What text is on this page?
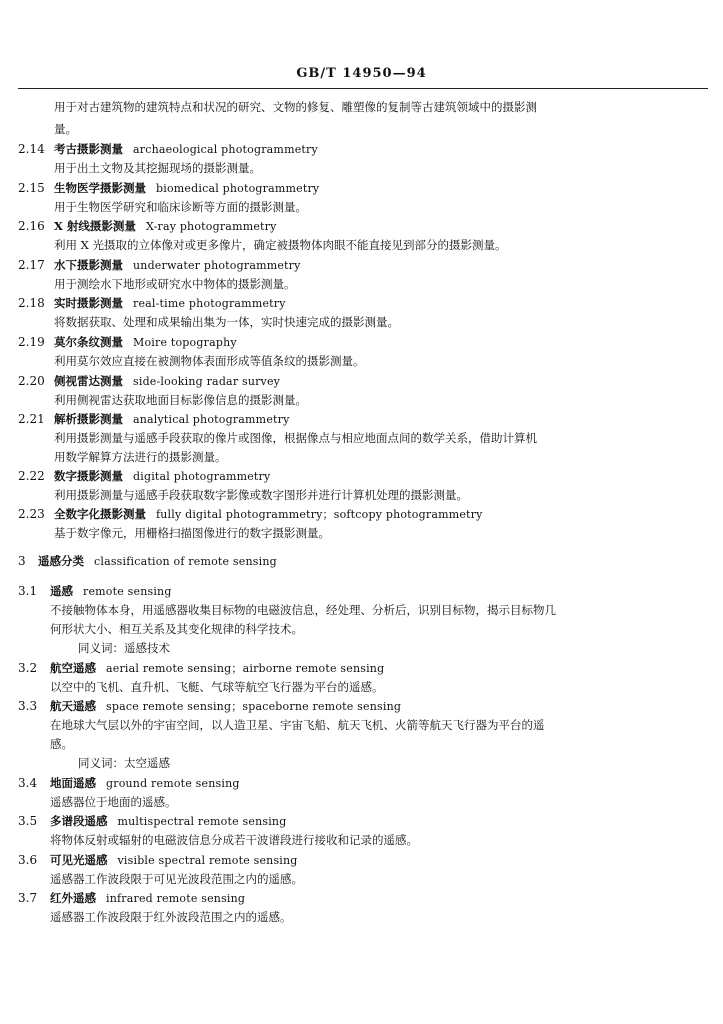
GB/T 14950—94
用于对古建筑物的建筑特点和状况的研究、文物的修复、雕塑像的复制等古建筑领域中的摄影测
量。
2.14 考古摄影测量 archaeological photogrammetry
用于出土文物及其挖掘现场的摄影测量。
2.15 生物医学摄影测量 biomedical photogrammetry
用于生物医学研究和临床诊断等方面的摄影测量。
2.16 X 射线摄影测量 X-ray photogrammetry
利用 X 光摄取的立体像对或更多像片，确定被摄物体肉眼不能直接见到部分的摄影测量。
2.17 水下摄影测量 underwater photogrammetry
用于测绘水下地形或研究水中物体的摄影测量。
2.18 实时摄影测量 real-time photogrammetry
将数据获取、处理和成果输出集为一体，实时快速完成的摄影测量。
2.19 莫尔条纹测量 Moire topography
利用莫尔效应直接在被测物体表面形成等值条纹的摄影测量。
2.20 侧视雷达测量 side-looking radar survey
利用侧视雷达获取地面目标影像信息的摄影测量。
2.21 解析摄影测量 analytical photogrammetry
利用摄影测量与遥感手段获取的像片或图像，根据像点与相应地面点间的数学关系，借助计算机
用数学解算方法进行的摄影测量。
2.22 数字摄影测量 digital photogrammetry
利用摄影测量与遥感手段获取数字影像或数字图形并进行计算机处理的摄影测量。
2.23 全数字化摄影测量 fully digital photogrammetry；softcopy photogrammetry
基于数字像元，用栅格扫描图像进行的数字摄影测量。
3 遥感分类 classification of remote sensing
3.1 遥感 remote sensing
不接触物体本身，用遥感器收集目标物的电磁波信息，经处理、分析后，识别目标物，揭示目标物几
何形状大小、相互关系及其变化规律的科学技术。
同义词：遥感技术
3.2 航空遥感 aerial remote sensing；airborne remote sensing
以空中的飞机、直升机、飞艇、气球等航空飞行器为平台的遥感。
3.3 航天遥感 space remote sensing；spaceborne remote sensing
在地球大气层以外的宇宙空间，以人造卫星、宇宙飞船、航天飞机、火箭等航天飞行器为平台的遥
感。
同义词：太空遥感
3.4 地面遥感 ground remote sensing
遥感器位于地面的遥感。
3.5 多谱段遥感 multispectral remote sensing
将物体反射或辐射的电磁波信息分成若干波谱段进行接收和记录的遥感。
3.6 可见光遥感 visible spectral remote sensing
遥感器工作波段限于可见光波段范围之内的遥感。
3.7 红外遥感 infrared remote sensing
遥感器工作波段限于红外波段范围之内的遥感。
